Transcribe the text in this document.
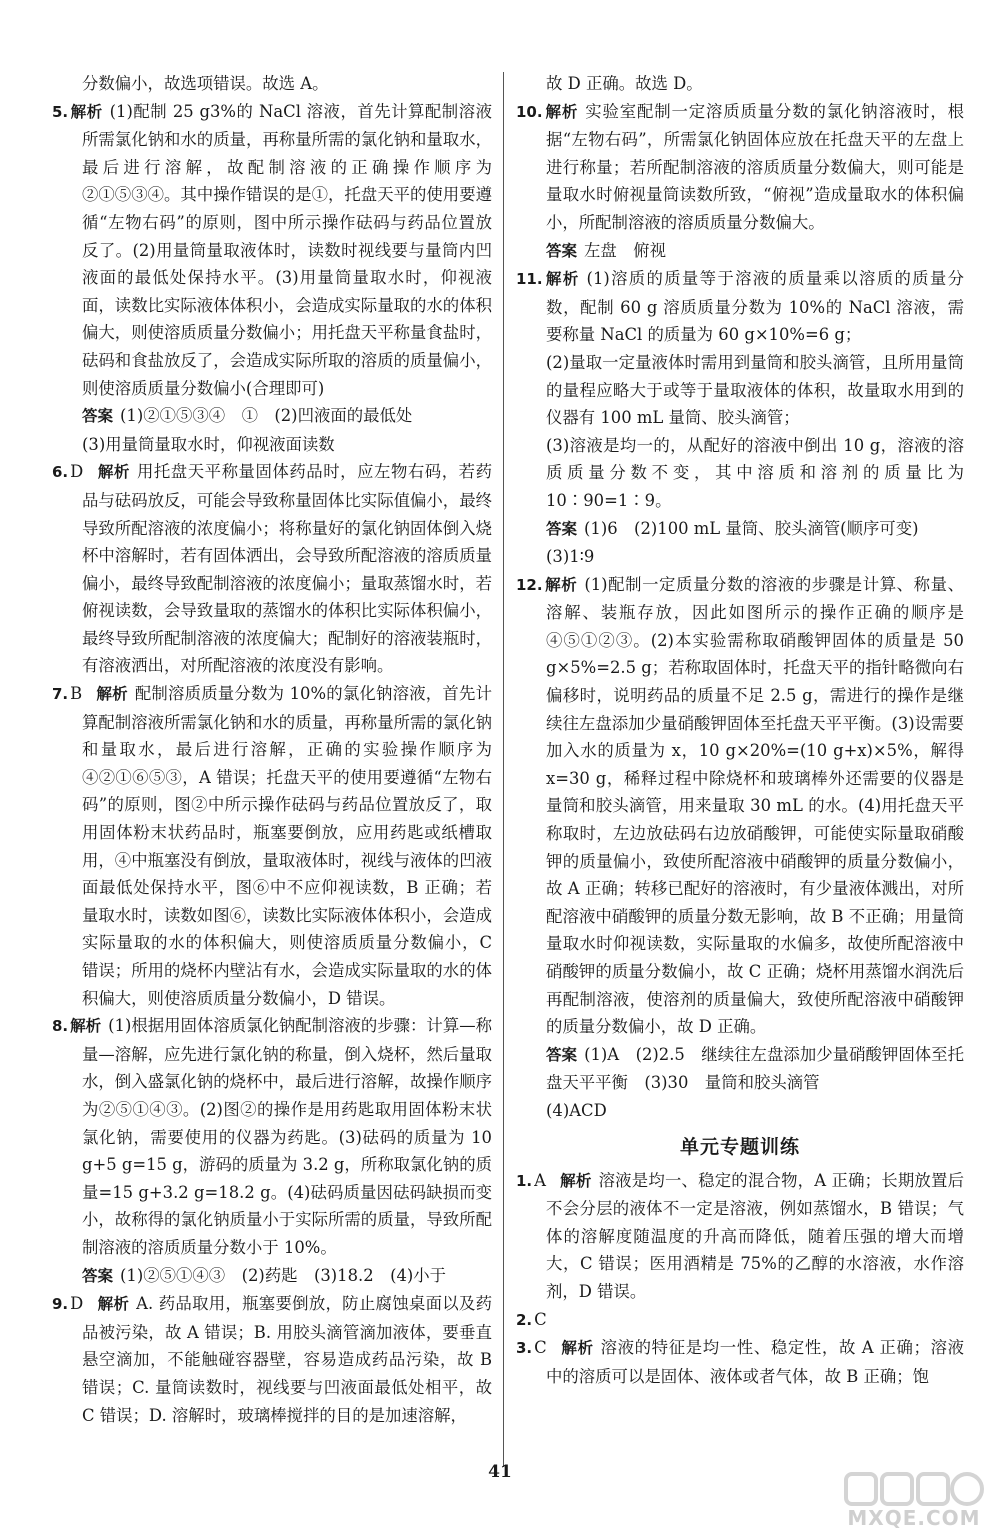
分数偏小，故选项错误。故选 A。

5. 解析 (1)配制 25 g3%的 NaCl 溶液，首先计算配制溶液所需氯化钠和水的质量，再称量所需的氯化钠和量取水，最后进行溶解，故配制溶液的正确操作顺序为②①⑤③④。其中操作错误的是①，托盘天平的使用要遵循“左物右码”的原则，图中所示操作砝码与药品位置放反了。(2)用量筒量取液体时，读数时视线要与量筒内凹液面的最低处保持水平。(3)用量筒量取水时，仰视液面，读数比实际液体体积小，会造成实际量取的水的体积偏大，则使溶质质量分数偏小；用托盘天平称量食盐时，砝码和食盐放反了，会造成实际所取的溶质的质量偏小，则使溶质质量分数偏小(合理即可)

答案 (1)②①⑤③④　①　(2)凹液面的最低处

(3)用量筒量取水时，仰视液面读数

6. D 解析 用托盘天平称量固体药品时，应左物右码，若药品与砝码放反，可能会导致称量固体比实际值偏小，最终导致所配溶液的浓度偏小；将称量好的氯化钠固体倒入烧杯中溶解时，若有固体洒出，会导致所配溶液的溶质质量偏小，最终导致配制溶液的浓度偏小；量取蒸馏水时，若俯视读数，会导致量取的蒸馏水的体积比实际体积偏小，最终导致所配制溶液的浓度偏大；配制好的溶液装瓶时，有溶液洒出，对所配溶液的浓度没有影响。

7. B 解析 配制溶质质量分数为 10%的氯化钠溶液，首先计算配制溶液所需氯化钠和水的质量，再称量所需的氯化钠和量取水，最后进行溶解，正确的实验操作顺序为④②①⑥⑤③，A 错误；托盘天平的使用要遵循“左物右码”的原则，图②中所示操作砝码与药品位置放反了，取用固体粉末状药品时，瓶塞要倒放，应用药匙或纸槽取用，④中瓶塞没有倒放，量取液体时，视线与液体的凹液面最低处保持水平，图⑥中不应仰视读数，B 正确；若量取水时，读数如图⑥，读数比实际液体体积小，会造成实际量取的水的体积偏大，则使溶质质量分数偏小，C 错误；所用的烧杯内壁沾有水，会造成实际量取的水的体积偏大，则使溶质质量分数偏小，D 错误。

8. 解析 (1)根据用固体溶质氯化钠配制溶液的步骤：计算—称量—溶解，应先进行氯化钠的称量，倒入烧杯，然后量取水，倒入盛氯化钠的烧杯中，最后进行溶解，故操作顺序为②⑤①④③。(2)图②的操作是用药匙取用固体粉末状氯化钠，需要使用的仪器为药匙。(3)砝码的质量为 10 g+5 g=15 g，游码的质量为 3.2 g，所称取氯化钠的质量=15 g+3.2 g=18.2 g。(4)砝码质量因砝码缺损而变小，故称得的氯化钠质量小于实际所需的质量，导致所配制溶液的溶质质量分数小于 10%。

答案 (1)②⑤①④③　(2)药匙　(3)18.2　(4)小于

9. D 解析 A. 药品取用，瓶塞要倒放，防止腐蚀桌面以及药品被污染，故 A 错误；B. 用胶头滴管滴加液体，要垂直悬空滴加，不能触碰容器壁，容易造成药品污染，故 B 错误；C. 量筒读数时，视线要与凹液面最低处相平，故 C 错误；D. 溶解时，玻璃棒搅拌的目的是加速溶解，

故 D 正确。故选 D。

10. 解析 实验室配制一定溶质质量分数的氯化钠溶液时，根据“左物右码”，所需氯化钠固体应放在托盘天平的左盘上进行称量；若所配制溶液的溶质质量分数偏大，则可能是量取水时俯视量筒读数所致，“俯视”造成量取水的体积偏小，所配制溶液的溶质质量分数偏大。

答案 左盘　俯视

11. 解析 (1)溶质的质量等于溶液的质量乘以溶质的质量分数，配制 60 g 溶质质量分数为 10%的 NaCl 溶液，需要称量 NaCl 的质量为 60 g×10%=6 g；

(2)量取一定量液体时需用到量筒和胶头滴管，且所用量筒的量程应略大于或等于量取液体的体积，故量取水用到的仪器有 100 mL 量筒、胶头滴管；

(3)溶液是均一的，从配好的溶液中倒出 10 g，溶液的溶质质量分数不变，其中溶质和溶剂的质量比为 10∶90=1∶9。

答案 (1)6　(2)100 mL 量筒、胶头滴管(顺序可变)

(3)1∶9

12. 解析 (1)配制一定质量分数的溶液的步骤是计算、称量、溶解、装瓶存放，因此如图所示的操作正确的顺序是④⑤①②③。(2)本实验需称取硝酸钾固体的质量是 50 g×5%=2.5 g；若称取固体时，托盘天平的指针略微向右偏移时，说明药品的质量不足 2.5 g，需进行的操作是继续往左盘添加少量硝酸钾固体至托盘天平平衡。(3)设需要加入水的质量为 x，10 g×20%=(10 g+x)×5%，解得 x=30 g，稀释过程中除烧杯和玻璃棒外还需要的仪器是量筒和胶头滴管，用来量取 30 mL 的水。(4)用托盘天平称取时，左边放砝码右边放硝酸钾，可能使实际量取硝酸钾的质量偏小，致使所配溶液中硝酸钾的质量分数偏小，故 A 正确；转移已配好的溶液时，有少量液体溅出，对所配溶液中硝酸钾的质量分数无影响，故 B 不正确；用量筒量取水时仰视读数，实际量取的水偏多，故使所配溶液中硝酸钾的质量分数偏小，故 C 正确；烧杯用蒸馏水润洗后再配制溶液，使溶剂的质量偏大，致使所配溶液中硝酸钾的质量分数偏小，故 D 正确。

答案 (1)A　(2)2.5　继续往左盘添加少量硝酸钾固体至托盘天平平衡　(3)30　量筒和胶头滴管

(4)ACD

单元专题训练

1. A 解析 溶液是均一、稳定的混合物，A 正确；长期放置后不会分层的液体不一定是溶液，例如蒸馏水，B 错误；气体的溶解度随温度的升高而降低，随着压强的增大而增大，C 错误；医用酒精是 75%的乙醇的水溶液，水作溶剂，D 错误。

2. C

3. C 解析 溶液的特征是均一性、稳定性，故 A 正确；溶液中的溶质可以是固体、液体或者气体，故 B 正确；饱

41
MXQE.COM
